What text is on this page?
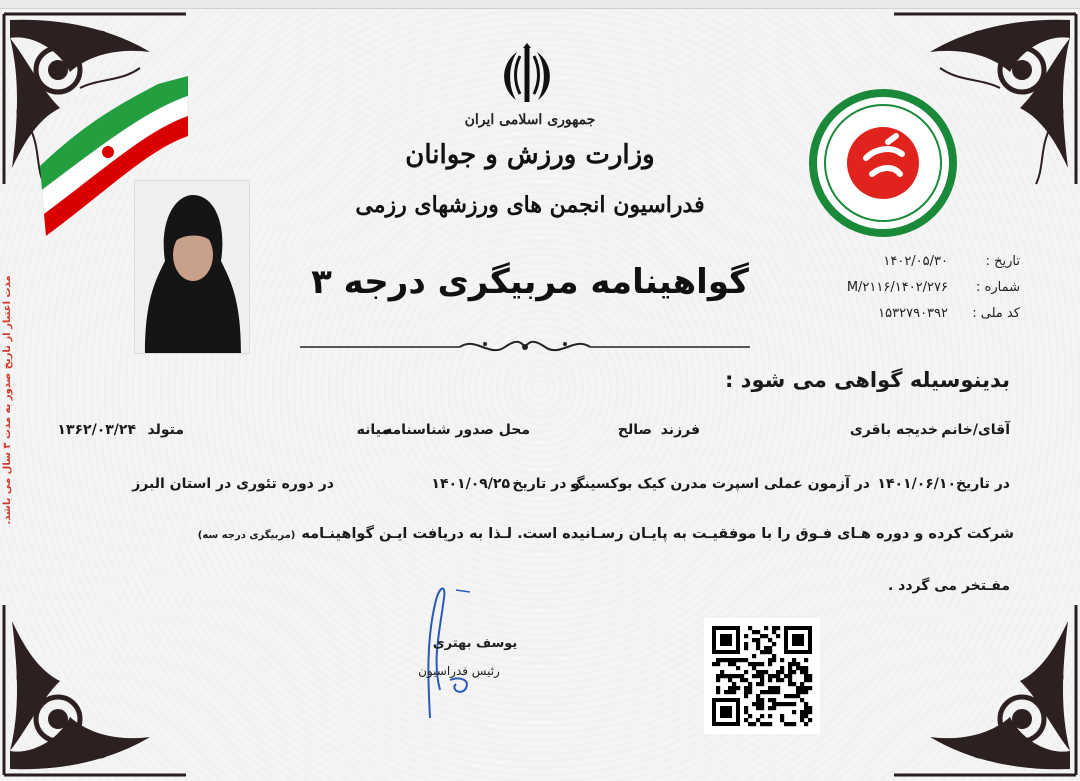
مدت اعتبار از تاریخ صدور به مدت ۳ سال می باشد.
جمهوری اسلامی ایران
وزارت ورزش و جوانان
فدراسیون انجمن های ورزشهای رزمی
گواهینامه مربیگری درجه ۳
تاریخ :
۱۴۰۲/۰۵/۳۰
شماره :
۱۴۰۲/۲۷۶/M/۲۱۱۶
کد ملی :
۱۵۳۲۷۹۰۳۹۲
بدینوسیله گواهی می شود :
آقای/خانم
خدیجه باقری
فرزند
صالح
محل صدور شناسنامه
میانه
متولد
۱۳۶۲/۰۳/۲۴
در تاریخ
۱۴۰۱/۰۶/۱۰
در آزمون عملی اسپرت مدرن کیک بوکسینگ
و در تاریخ
۱۴۰۱/۰۹/۲۵
در دوره تئوری در استان البرز
شرکت کرده و دوره هـای فـوق را با موفقیـت به پایـان رسـانیده است. لـذا به دریافت ایـن گواهینـامه(مربیگری درجه سه)
مفـتخر می گردد .
یوسف بهتری
رئیس فدراسیون
